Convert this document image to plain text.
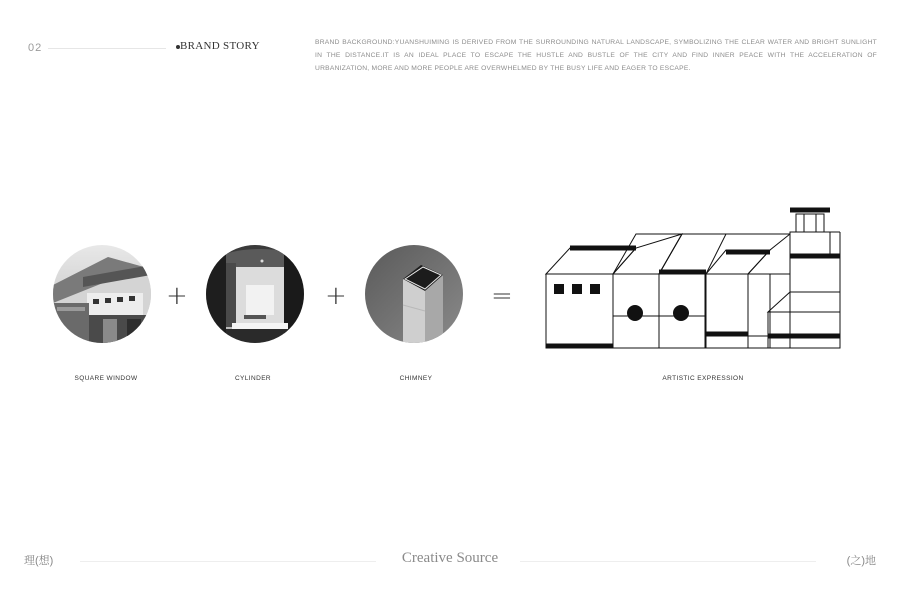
02	BRAND STORY	BRAND BACKGROUND:YUANSHUIMING IS DERIVED FROM THE SURROUNDING NATURAL LANDSCAPE, SYMBOLIZING THE CLEAR WATER AND BRIGHT SUNLIGHT IN THE DISTANCE.IT IS AN IDEAL PLACE TO ESCAPE THE HUSTLE AND BUSTLE OF THE CITY AND FIND INNER PEACE WITH THE ACCELERATION OF URBANIZATION, MORE AND MORE PEOPLE ARE OVERWHELMED BY THE BUSY LIFE AND EAGER TO ESCAPE.
+	+	=
SQUARE WINDOW	CYLINDER	CHIMNEY	ARTISTIC EXPRESSION
理(想)	Creative Source	(之)地
